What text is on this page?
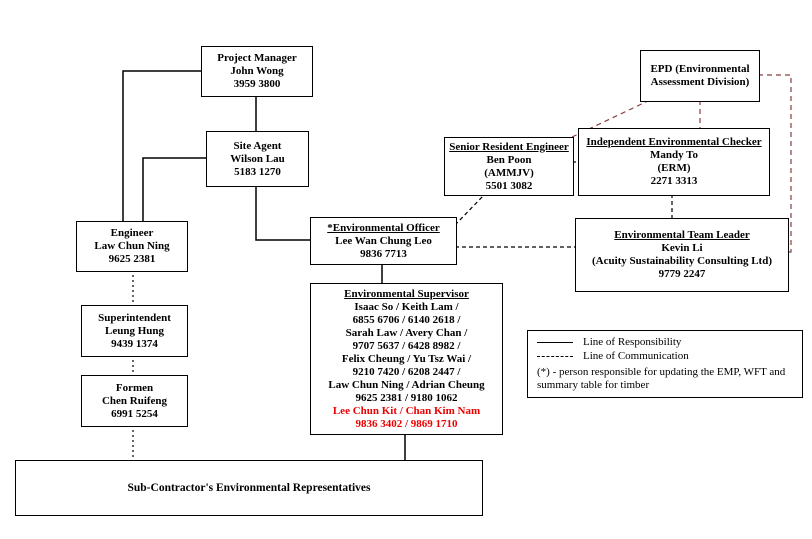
Project Manager
John Wong
3959 3800
EPD (Environmental
Assessment Division)
Site Agent
Wilson Lau
5183 1270
Senior Resident Engineer
Ben Poon
(AMMJV)
5501 3082
Independent Environmental Checker
Mandy To
(ERM)
2271 3313
Engineer
Law Chun Ning
9625 2381
*Environmental Officer
Lee Wan Chung Leo
9836 7713
Environmental Team Leader
Kevin Li
(Acuity Sustainability Consulting Ltd)
9779 2247
Superintendent
Leung Hung
9439 1374
Environmental Supervisor
Isaac So / Keith Lam /
6855 6706 / 6140 2618 /
Sarah Law / Avery Chan /
9707 5637 / 6428 8982 /
Felix Cheung / Yu Tsz Wai /
9210 7420 / 6208 2447 /
Law Chun Ning / Adrian Cheung
9625 2381 / 9180 1062
Lee Chun Kit / Chan Kim Nam
9836 3402 / 9869 1710
Formen
Chen Ruifeng
6991 5254
Line of Responsibility
Line of Communication
(*) - person responsible for updating the EMP, WFT and summary table for timber
Sub-Contractor's Environmental Representatives
